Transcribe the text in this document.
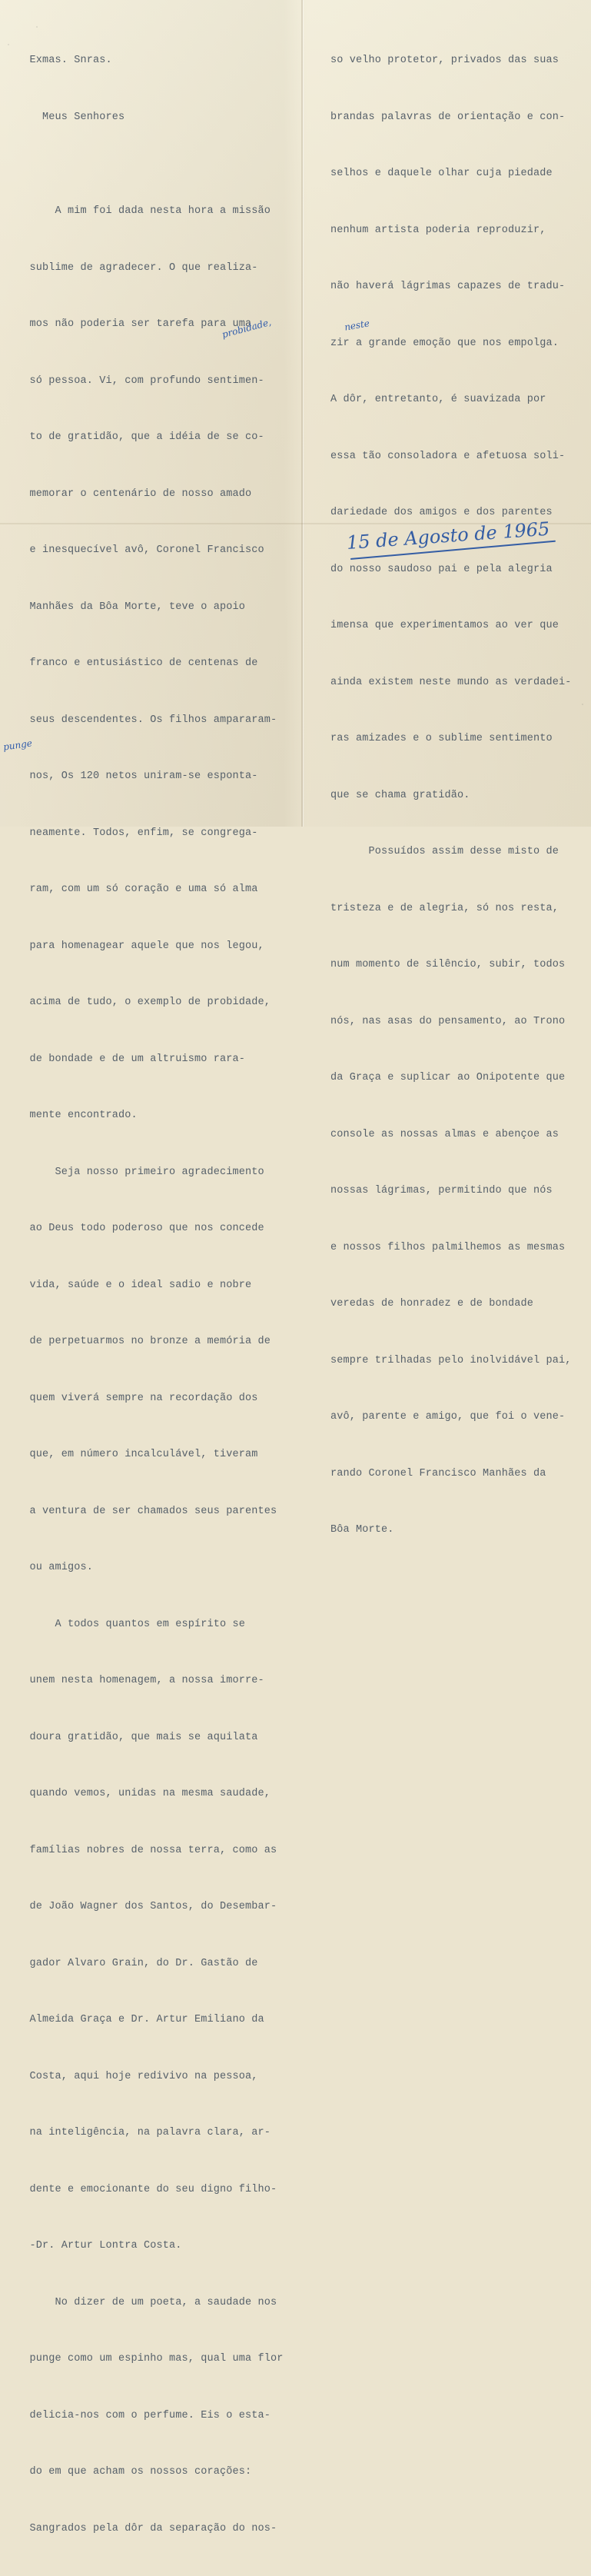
Exmas. Snras.

Meus Senhores

A mim foi dada nesta hora a missão

sublime de agradecer. O que realiza-

mos não poderia ser tarefa para uma

só pessoa. Vi, com profundo sentimen-

to de gratidão, que a idéia de se co-

memorar o centenário de nosso amado

e inesquecível avô, Coronel Francisco

Manhães da Bôa Morte, teve o apoio

franco e entusiástico de centenas de

seus descendentes. Os filhos ampararam-

nos, Os 120 netos uniram-se esponta-

neamente. Todos, enfim, se congrega-

ram, com um só coração e uma só alma

para homenagear aquele que nos legou,

acima de tudo, o exemplo de probidade,

de bondade e de um altruismo rara-

mente encontrado.

Seja nosso primeiro agradecimento

ao Deus todo poderoso que nos concede

vida, saúde e o ideal sadio e nobre

de perpetuarmos no bronze a memória de

quem viverá sempre na recordação dos

que, em número incalculável, tiveram

a ventura de ser chamados seus parentes

ou amigos.

A todos quantos em espírito se

unem nesta homenagem, a nossa imorre-

doura gratidão, que mais se aquilata

quando vemos, unidas na mesma saudade,

famílias nobres de nossa terra, como as

de João Wagner dos Santos, do Desembar-

gador Alvaro Grain, do Dr. Gastão de

Almeida Graça e Dr. Artur Emiliano da

Costa, aqui hoje redivivo na pessoa,

na inteligência, na palavra clara, ar-

dente e emocionante do seu digno filho-

-Dr. Artur Lontra Costa.

No dizer de um poeta, a saudade nos

punge como um espinho mas, qual uma flor

delicia-nos com o perfume. Eis o esta-

do em que acham os nossos corações:

Sangrados pela dôr da separação do nos-

so velho protetor, privados das suas

brandas palavras de orientação e con-

selhos e daquele olhar cuja piedade

nenhum artista poderia reproduzir,

não haverá lágrimas capazes de tradu-

zir a grande emoção que nos empolga.

A dôr, entretanto, é suavizada por

essa tão consoladora e afetuosa soli-

dariedade dos amigos e dos parentes

do nosso saudoso pai e pela alegria

imensa que experimentamos ao ver que

ainda existem neste mundo as verdadei-

ras amizades e o sublime sentimento

que se chama gratidão.

Possuídos assim desse misto de

tristeza e de alegria, só nos resta,

num momento de silêncio, subir, todos

nós, nas asas do pensamento, ao Trono

da Graça e suplicar ao Onipotente que

console as nossas almas e abençoe as

nossas lágrimas, permitindo que nós

e nossos filhos palmilhemos as mesmas

veredas de honradez e de bondade

sempre trilhadas pelo inolvidável pai,

avô, parente e amigo, que foi o vene-

rando Coronel Francisco Manhães da

Bôa Morte.

15 de Agosto de 1965
probidade,
punge
neste
